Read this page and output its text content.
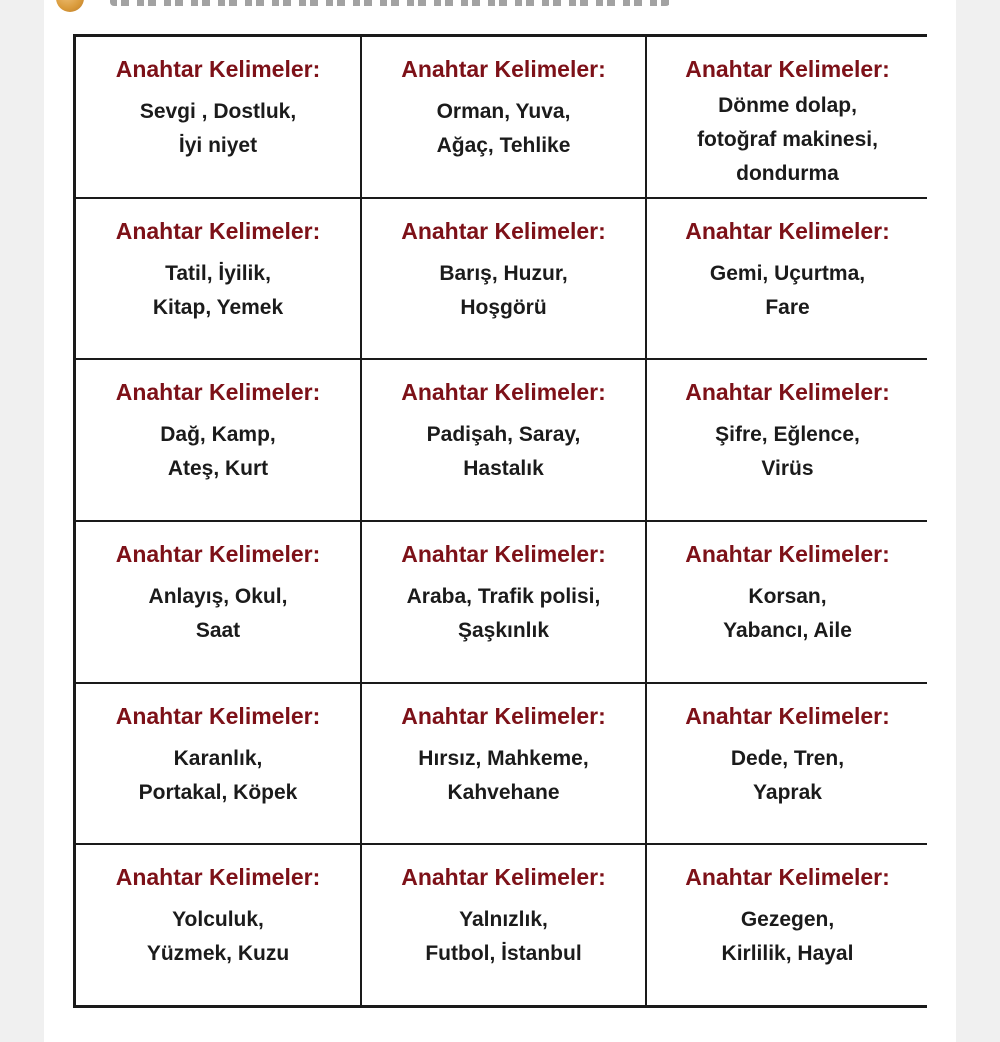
Anahtar Kelimeler:
Sevgi , Dostluk,
İyi niyet
Anahtar Kelimeler:
Orman, Yuva,
Ağaç, Tehlike
Anahtar Kelimeler:
Dönme dolap,
fotoğraf makinesi,
dondurma
Anahtar Kelimeler:
Tatil, İyilik,
Kitap, Yemek
Anahtar Kelimeler:
Barış, Huzur,
Hoşgörü
Anahtar Kelimeler:
Gemi, Uçurtma,
Fare
Anahtar Kelimeler:
Dağ, Kamp,
Ateş, Kurt
Anahtar Kelimeler:
Padişah, Saray,
Hastalık
Anahtar Kelimeler:
Şifre, Eğlence,
Virüs
Anahtar Kelimeler:
Anlayış, Okul,
Saat
Anahtar Kelimeler:
Araba, Trafik polisi,
Şaşkınlık
Anahtar Kelimeler:
Korsan,
Yabancı, Aile
Anahtar Kelimeler:
Karanlık,
Portakal, Köpek
Anahtar Kelimeler:
Hırsız, Mahkeme,
Kahvehane
Anahtar Kelimeler:
Dede, Tren,
Yaprak
Anahtar Kelimeler:
Yolculuk,
Yüzmek, Kuzu
Anahtar Kelimeler:
Yalnızlık,
Futbol, İstanbul
Anahtar Kelimeler:
Gezegen,
Kirlilik, Hayal
